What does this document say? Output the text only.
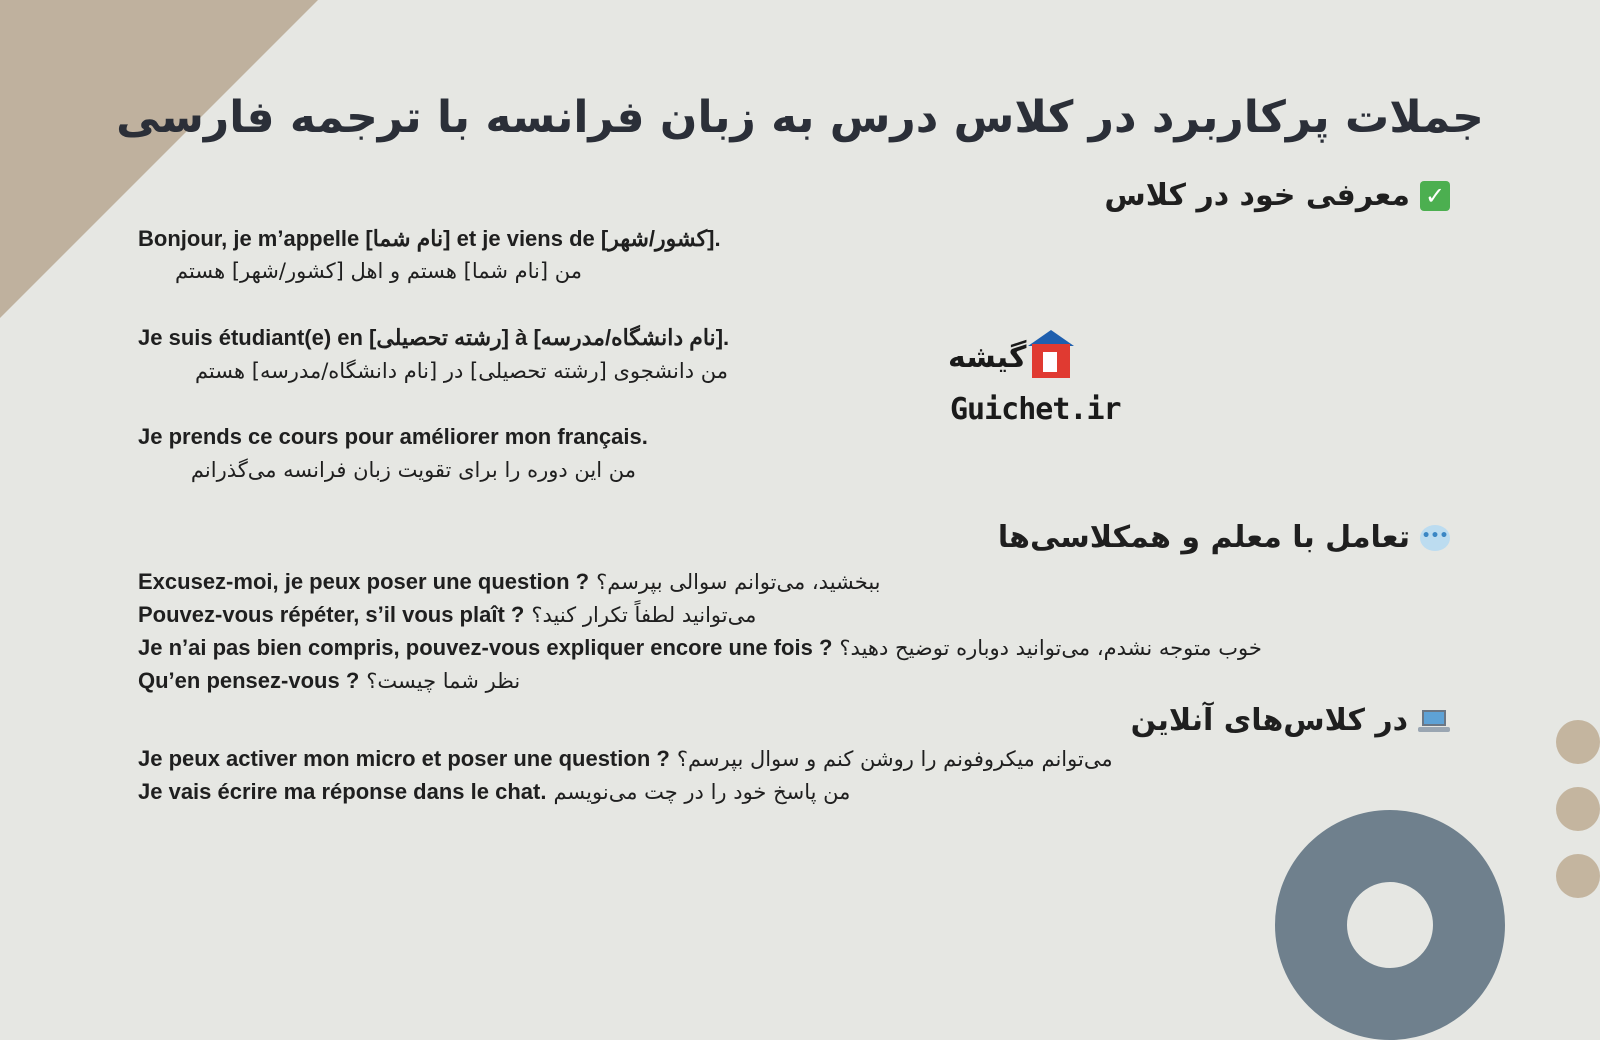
جملات پرکاربرد در کلاس درس به زبان فرانسه با ترجمه فارسی
✓
معرفی خود در کلاس
Bonjour, je m’appelle [نام شما] et je viens de [کشور/شهر].
من [نام شما] هستم و اهل [کشور/شهر] هستم
Je suis étudiant(e) en [رشته تحصیلی] à [نام دانشگاه/مدرسه].
من دانشجوی [رشته تحصیلی] در [نام دانشگاه/مدرسه] هستم
Je prends ce cours pour améliorer mon français.
من این دوره را برای تقویت زبان فرانسه می‌گذرانم
گیشه
Guichet.ir
•••
تعامل با معلم و همکلاسی‌ها
Excusez-moi, je peux poser une question ? ببخشید، می‌توانم سوالی بپرسم؟
Pouvez-vous répéter, s’il vous plaît ? می‌توانید لطفاً تکرار کنید؟
Je n’ai pas bien compris, pouvez-vous expliquer encore une fois ? خوب متوجه نشدم، می‌توانید دوباره توضیح دهید؟
Qu’en pensez-vous ? نظر شما چیست؟
در کلاس‌های آنلاین
Je peux activer mon micro et poser une question ? می‌توانم میکروفونم را روشن کنم و سوال بپرسم؟
Je vais écrire ma réponse dans le chat. من پاسخ خود را در چت می‌نویسم
